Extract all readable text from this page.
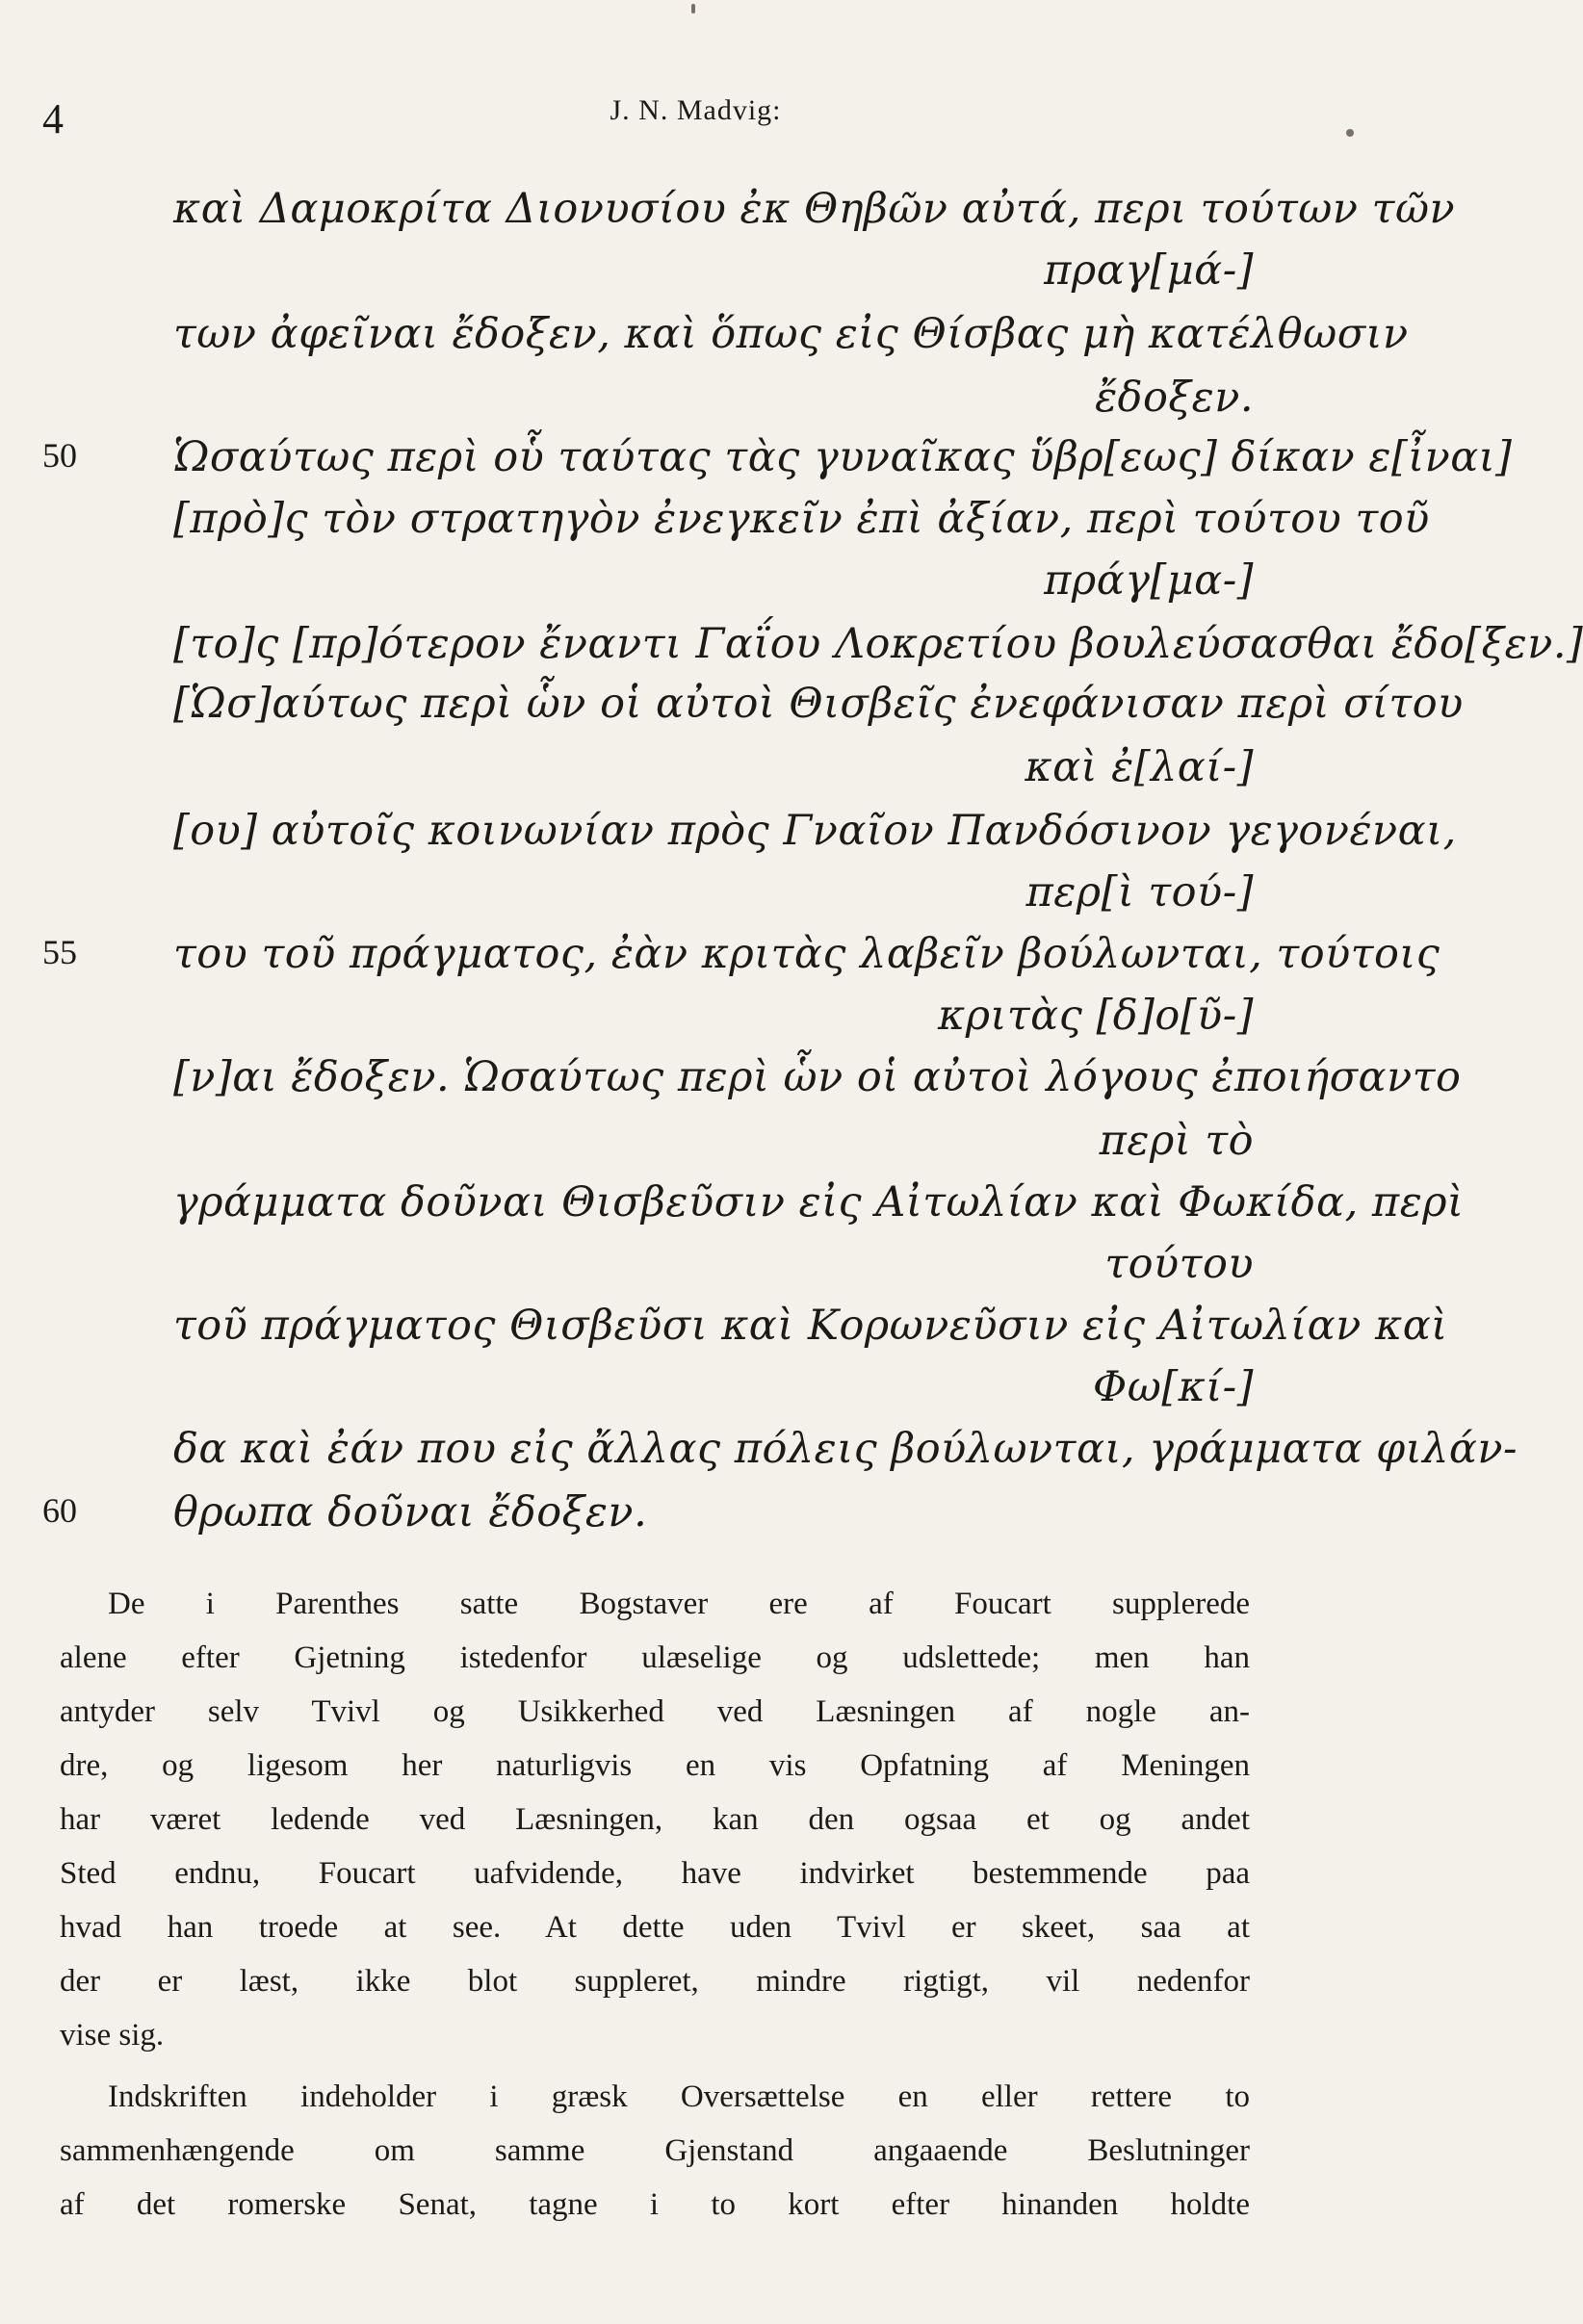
4	J. N. Madvig:
καὶ Δαμοκρίτα Διονυσίου ἐκ Θηβῶν αὐτά, περι τούτων τῶν
πραγ[μά-]
των ἀφεῖναι ἔδοξεν, καὶ ὅπως εἰς Θίσβας μὴ κατέλθωσιν
ἔδοξεν.
50 Ὡσαύτως περὶ οὗ ταύτας τὰς γυναῖκας ὕβρ[εως] δίκαν ε[ἶναι]
[πρὸ]ς τὸν στρατηγὸν ἐνεγκεῖν ἐπὶ ἀξίαν, περὶ τούτου τοῦ
πράγ[μα-]
[το]ς [πρ]ότερον ἔναντι Γαΐου Λοκρετίου βουλεύσασθαι ἔδο[ξεν.]
[Ὡσ]αύτως περὶ ὧν οἱ αὐτοὶ Θισβεῖς ἐνεφάνισαν περὶ σίτου
καὶ ἐ[λαί-]
[ου] αὐτοῖς κοινωνίαν πρὸς Γναῖον Πανδόσινον γεγονέναι,
περ[ὶ τού-]
55 του τοῦ πράγματος, ἐὰν κριτὰς λαβεῖν βούλωνται, τούτοις
κριτὰς [δ]ο[ῦ-]
[ν]αι ἔδοξεν. Ὡσαύτως περὶ ὧν οἱ αὐτοὶ λόγους ἐποιήσαντο
περὶ τὸ
γράμματα δοῦναι Θισβεῦσιν εἰς Αἰτωλίαν καὶ Φωκίδα, περὶ
τούτου
τοῦ πράγματος Θισβεῦσι καὶ Κορωνεῦσιν εἰς Αἰτωλίαν καὶ
Φω[κί-]
δα καὶ ἐάν που εἰς ἄλλας πόλεις βούλωνται, γράμματα φιλάν-
60 θρωπα δοῦναι ἔδοξεν.
De i Parenthes satte Bogstaver ere af Foucart supplerede
alene efter Gjetning istedenfor ulæselige og udslettede; men han
antyder selv Tvivl og Usikkerhed ved Læsningen af nogle an-
dre, og ligesom her naturligvis en vis Opfatning af Meningen
har været ledende ved Læsningen, kan den ogsaa et og andet
Sted endnu, Foucart uafvidende, have indvirket bestemmende paa
hvad han troede at see. At dette uden Tvivl er skeet, saa at
der er læst, ikke blot suppleret, mindre rigtigt, vil nedenfor
vise sig.
Indskriften indeholder i græsk Oversættelse en eller rettere to
sammenhængende om samme Gjenstand angaaende Beslutninger
af det romerske Senat, tagne i to kort efter hinanden holdte
